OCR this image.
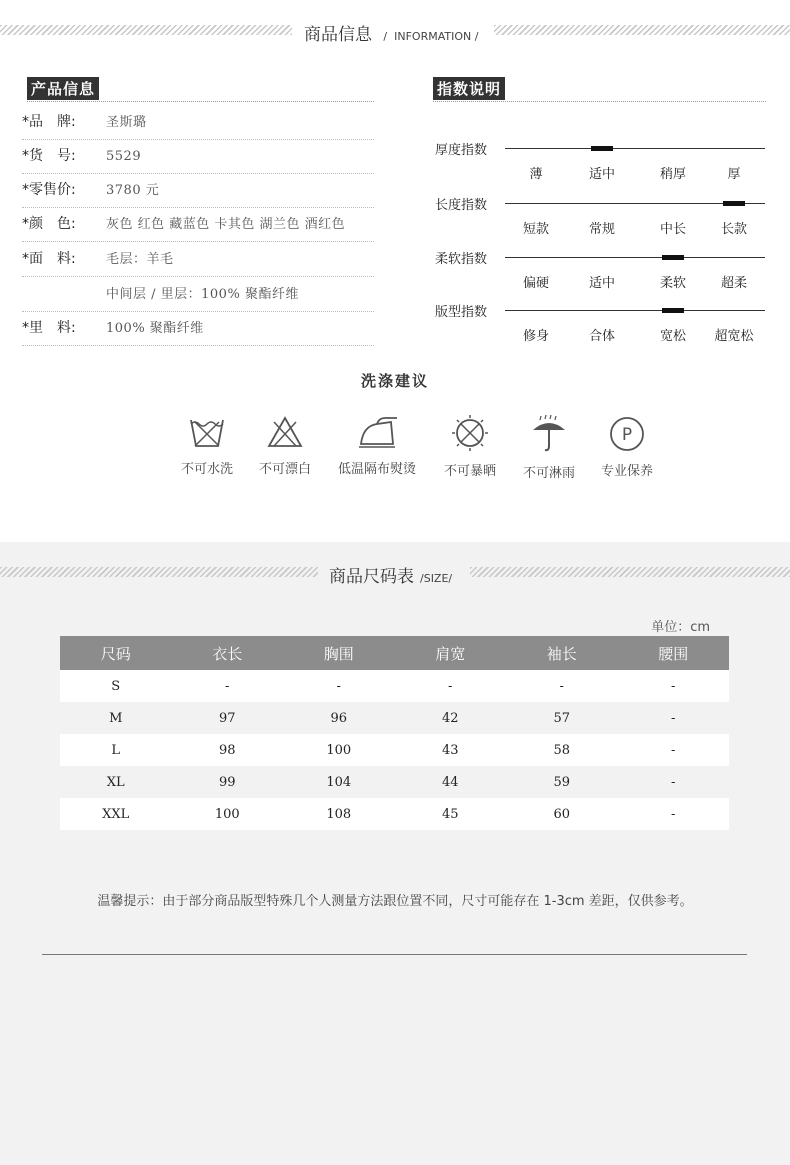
商品信息 / INFORMATION /
产品信息
*品　牌:	圣斯璐
*货　号:	5529
*零售价:	3780 元
*颜　色:	灰色 红色 藏蓝色 卡其色 湖兰色 酒红色
*面　料:	毛层：羊毛
中间层 / 里层：100% 聚酯纤维
*里　料:	100% 聚酯纤维
指数说明
厚度指数
薄	适中	稍厚	厚
长度指数
短款	常规	中长	长款
柔软指数
偏硬	适中	柔软	超柔
版型指数
修身	合体	宽松 超宽松
洗涤建议
不可水洗	不可漂白	低温隔布熨烫	不可暴晒	不可淋雨
P
专业保养
商品尺码表 /SIZE/
单位：cm
尺码	衣长	胸围	肩宽	袖长	腰围
S	-	-	-	-	-
M	97	96	42	57	-
L	98	100	43	58	-
XL	99	104	44	59	-
XXL	100	108	45	60	-
温馨提示：由于部分商品版型特殊几个人测量方法跟位置不同，尺寸可能存在 1-3cm 差距，仅供参考。
